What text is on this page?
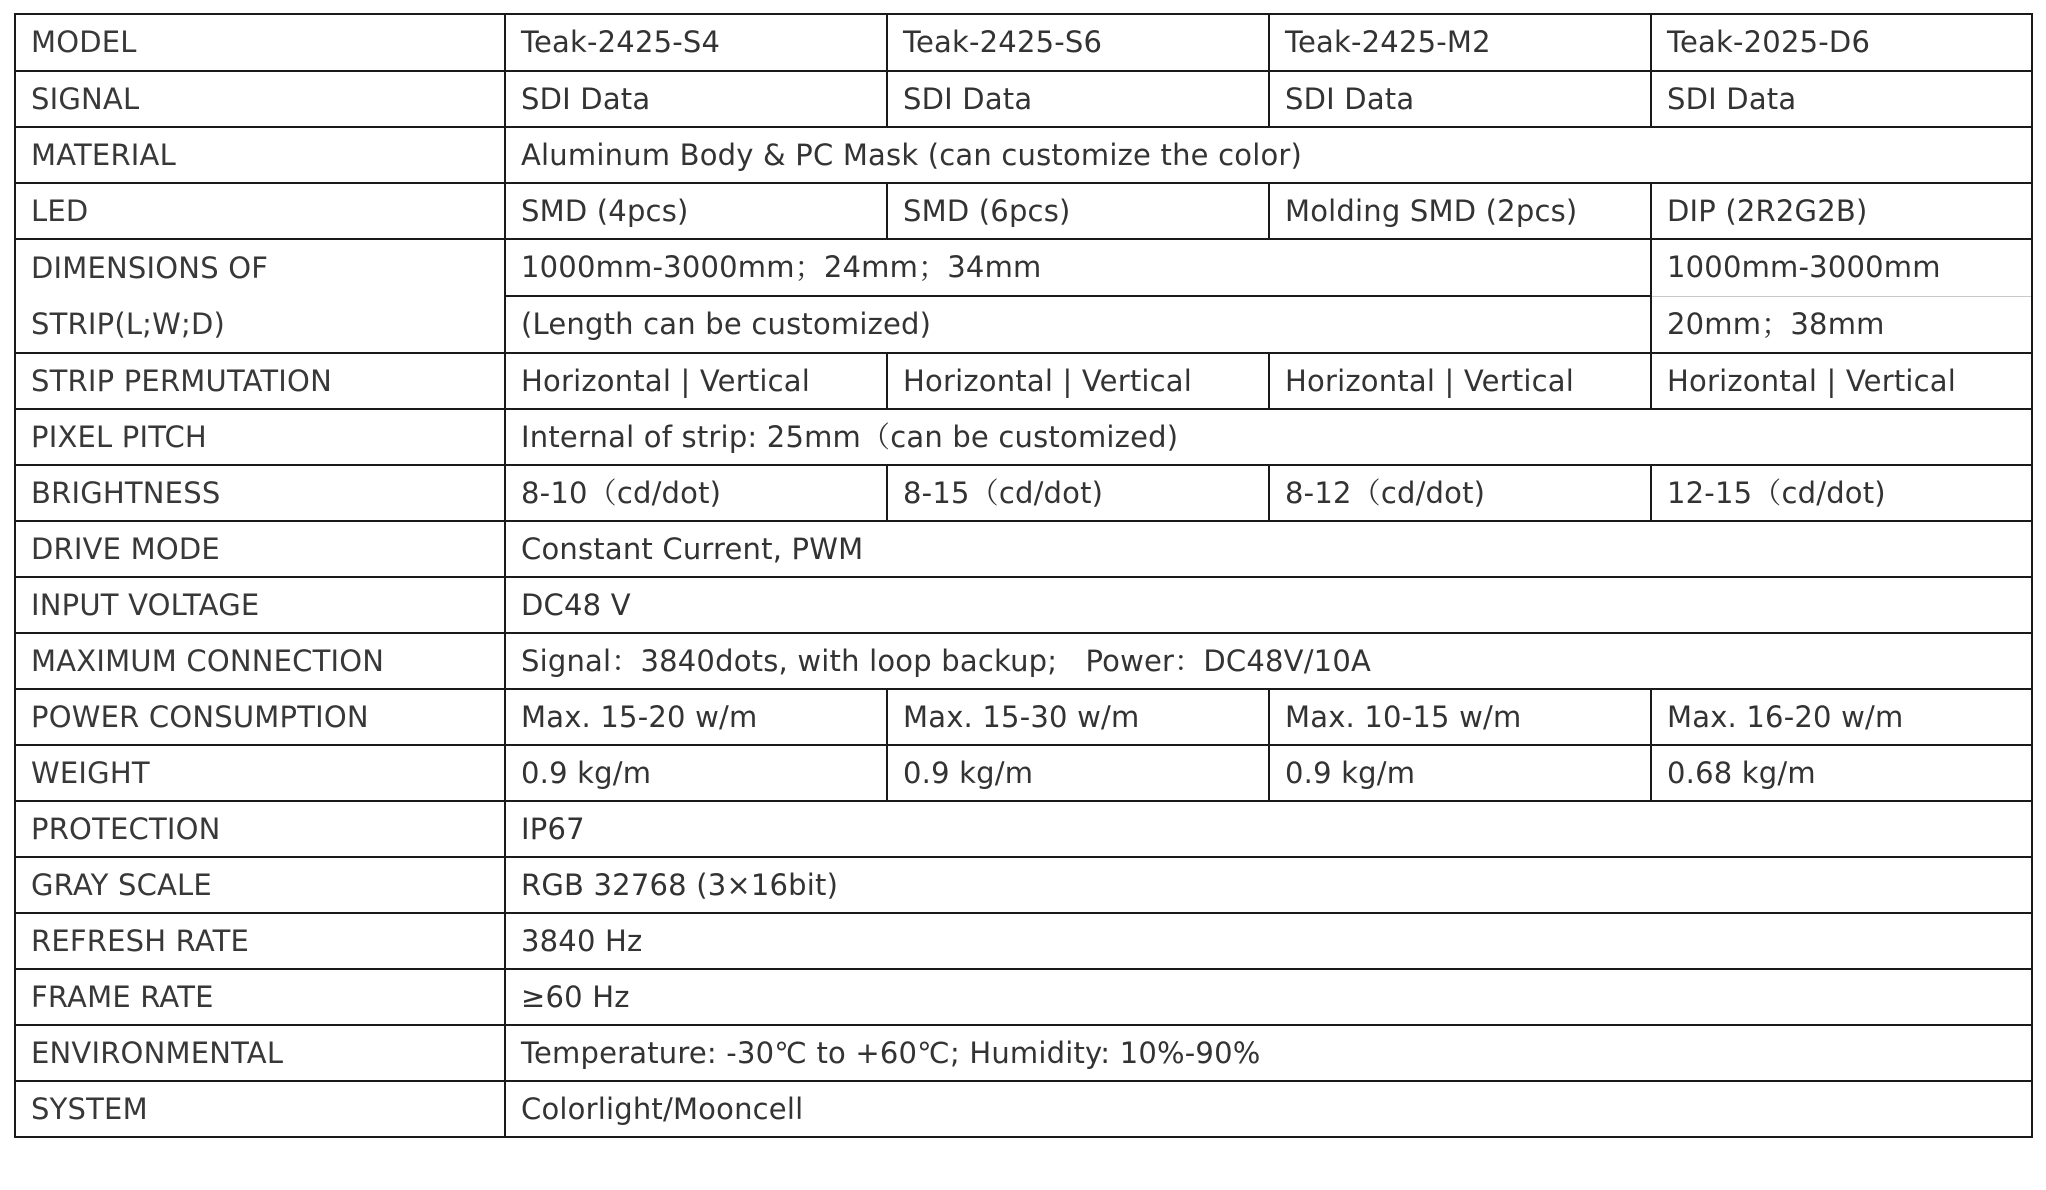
MODEL	Teak-2425-S4	Teak-2425-S6	Teak-2425-M2	Teak-2025-D6
SIGNAL	SDI Data	SDI Data	SDI Data	SDI Data
MATERIAL	Aluminum Body & PC Mask (can customize the color)			
LED	SMD (4pcs)	SMD (6pcs)	Molding SMD (2pcs)	DIP (2R2G2B)
DIMENSIONS OF
STRIP(L;W;D)	1000mm-3000mm；24mm；34mm			1000mm-3000mm
	(Length can be customized)			20mm；38mm
STRIP PERMUTATION	Horizontal | Vertical	Horizontal | Vertical	Horizontal | Vertical	Horizontal | Vertical
PIXEL PITCH	Internal of strip: 25mm（can be customized)			
BRIGHTNESS	8-10（cd/dot)	8-15（cd/dot)	8-12（cd/dot)	12-15（cd/dot)
DRIVE MODE	Constant Current, PWM			
INPUT VOLTAGE	DC48 V			
MAXIMUM CONNECTION	Signal：3840dots, with loop backup;   Power：DC48V/10A			
POWER CONSUMPTION	Max. 15-20 w/m	Max. 15-30 w/m	Max. 10-15 w/m	Max. 16-20 w/m
WEIGHT	0.9 kg/m	0.9 kg/m	0.9 kg/m	0.68 kg/m
PROTECTION	IP67			
GRAY SCALE	RGB 32768 (3×16bit)			
REFRESH RATE	3840 Hz			
FRAME RATE	≥60 Hz			
ENVIRONMENTAL	Temperature: -30℃ to +60℃; Humidity: 10%-90%			
SYSTEM	Colorlight/Mooncell			
